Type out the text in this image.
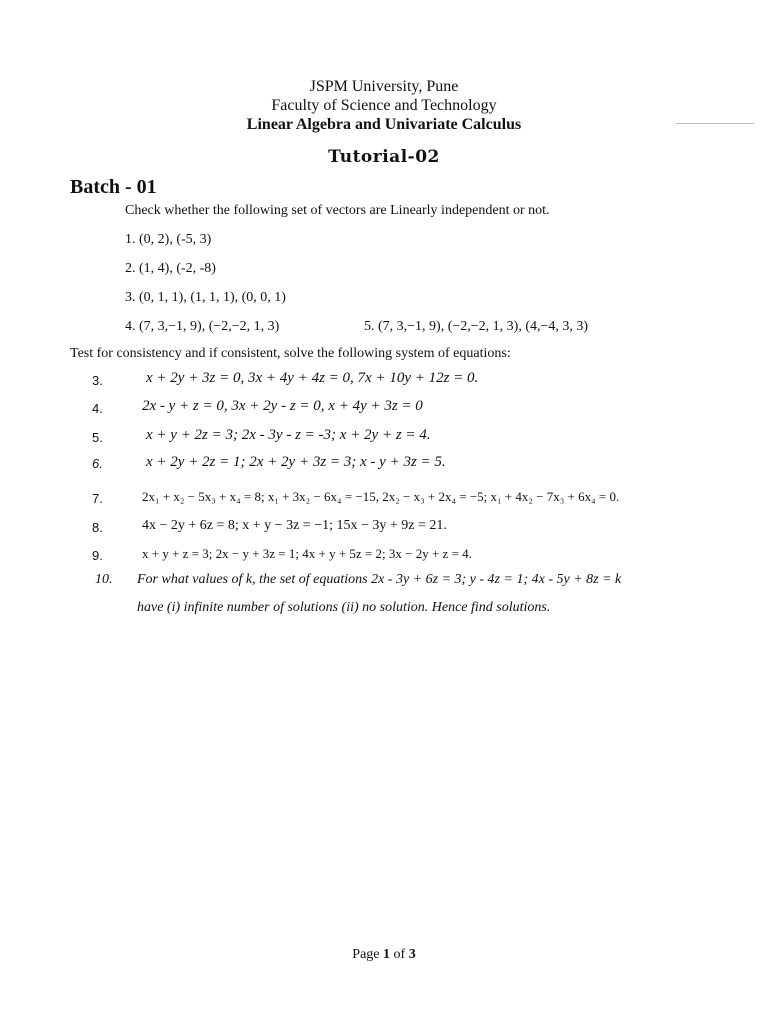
JSPM University, Pune
Faculty of Science and Technology
Linear Algebra and Univariate Calculus
Tutorial-02
Batch - 01
Check whether the following set of vectors are Linearly independent or not.
1. (0, 2), (-5, 3)
2. (1, 4), (-2, -8)
3. (0, 1, 1), (1, 1, 1), (0, 0, 1)
4. (7, 3,−1, 9), (−2,−2, 1, 3)	5. (7, 3,−1, 9), (−2,−2, 1, 3), (4,−4, 3, 3)
Test for consistency and if consistent, solve the following system of equations:
3.	x + 2y + 3z = 0, 3x + 4y + 4z = 0, 7x + 10y + 12z = 0.
4.	2x - y + z = 0, 3x + 2y - z = 0, x + 4y + 3z = 0
5.	x + y + 2z = 3; 2x - 3y - z = -3; x + 2y + z = 4.
6.	x + 2y + 2z = 1; 2x + 2y + 3z = 3; x - y + 3z = 5.
7.	2x₁ + x₂ − 5x₃ + x₄ = 8; x₁ + 3x₂ − 6x₄ = −15, 2x₂ − x₃ + 2x₄ = −5; x₁ + 4x₂ − 7x₃ + 6x₄ = 0.
8.	4x − 2y + 6z = 8; x + y − 3z = −1; 15x − 3y + 9z = 21.
9.	x + y + z = 3; 2x − y + 3z = 1; 4x + y + 5z = 2; 3x − 2y + z = 4.
10. For what values of k, the set of equations 2x - 3y + 6z = 3; y - 4z = 1; 4x - 5y + 8z = k
have (i) infinite number of solutions (ii) no solution. Hence find solutions.
Page 1 of 3
